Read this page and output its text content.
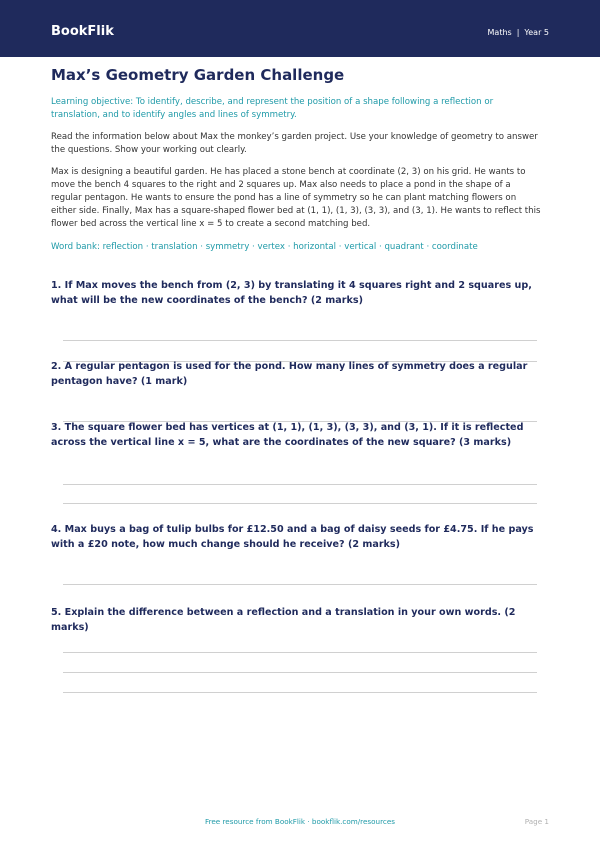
BookFlik	Maths | Year 5
Max’s Geometry Garden Challenge
Learning objective: To identify, describe, and represent the position of a shape following a reflection or translation, and to identify angles and lines of symmetry.
Read the information below about Max the monkey’s garden project. Use your knowledge of geometry to answer the questions. Show your working out clearly.
Max is designing a beautiful garden. He has placed a stone bench at coordinate (2, 3) on his grid. He wants to move the bench 4 squares to the right and 2 squares up. Max also needs to place a pond in the shape of a regular pentagon. He wants to ensure the pond has a line of symmetry so he can plant matching flowers on either side. Finally, Max has a square-shaped flower bed at (1, 1), (1, 3), (3, 3), and (3, 1). He wants to reflect this flower bed across the vertical line x = 5 to create a second matching bed.
Word bank: reflection · translation · symmetry · vertex · horizontal · vertical · quadrant · coordinate
1. If Max moves the bench from (2, 3) by translating it 4 squares right and 2 squares up, what will be the new coordinates of the bench? (2 marks)
2. A regular pentagon is used for the pond. How many lines of symmetry does a regular pentagon have? (1 mark)
3. The square flower bed has vertices at (1, 1), (1, 3), (3, 3), and (3, 1). If it is reflected across the vertical line x = 5, what are the coordinates of the new square? (3 marks)
4. Max buys a bag of tulip bulbs for £12.50 and a bag of daisy seeds for £4.75. If he pays with a £20 note, how much change should he receive? (2 marks)
5. Explain the difference between a reflection and a translation in your own words. (2 marks)
Free resource from BookFlik · bookflik.com/resources	Page 1
